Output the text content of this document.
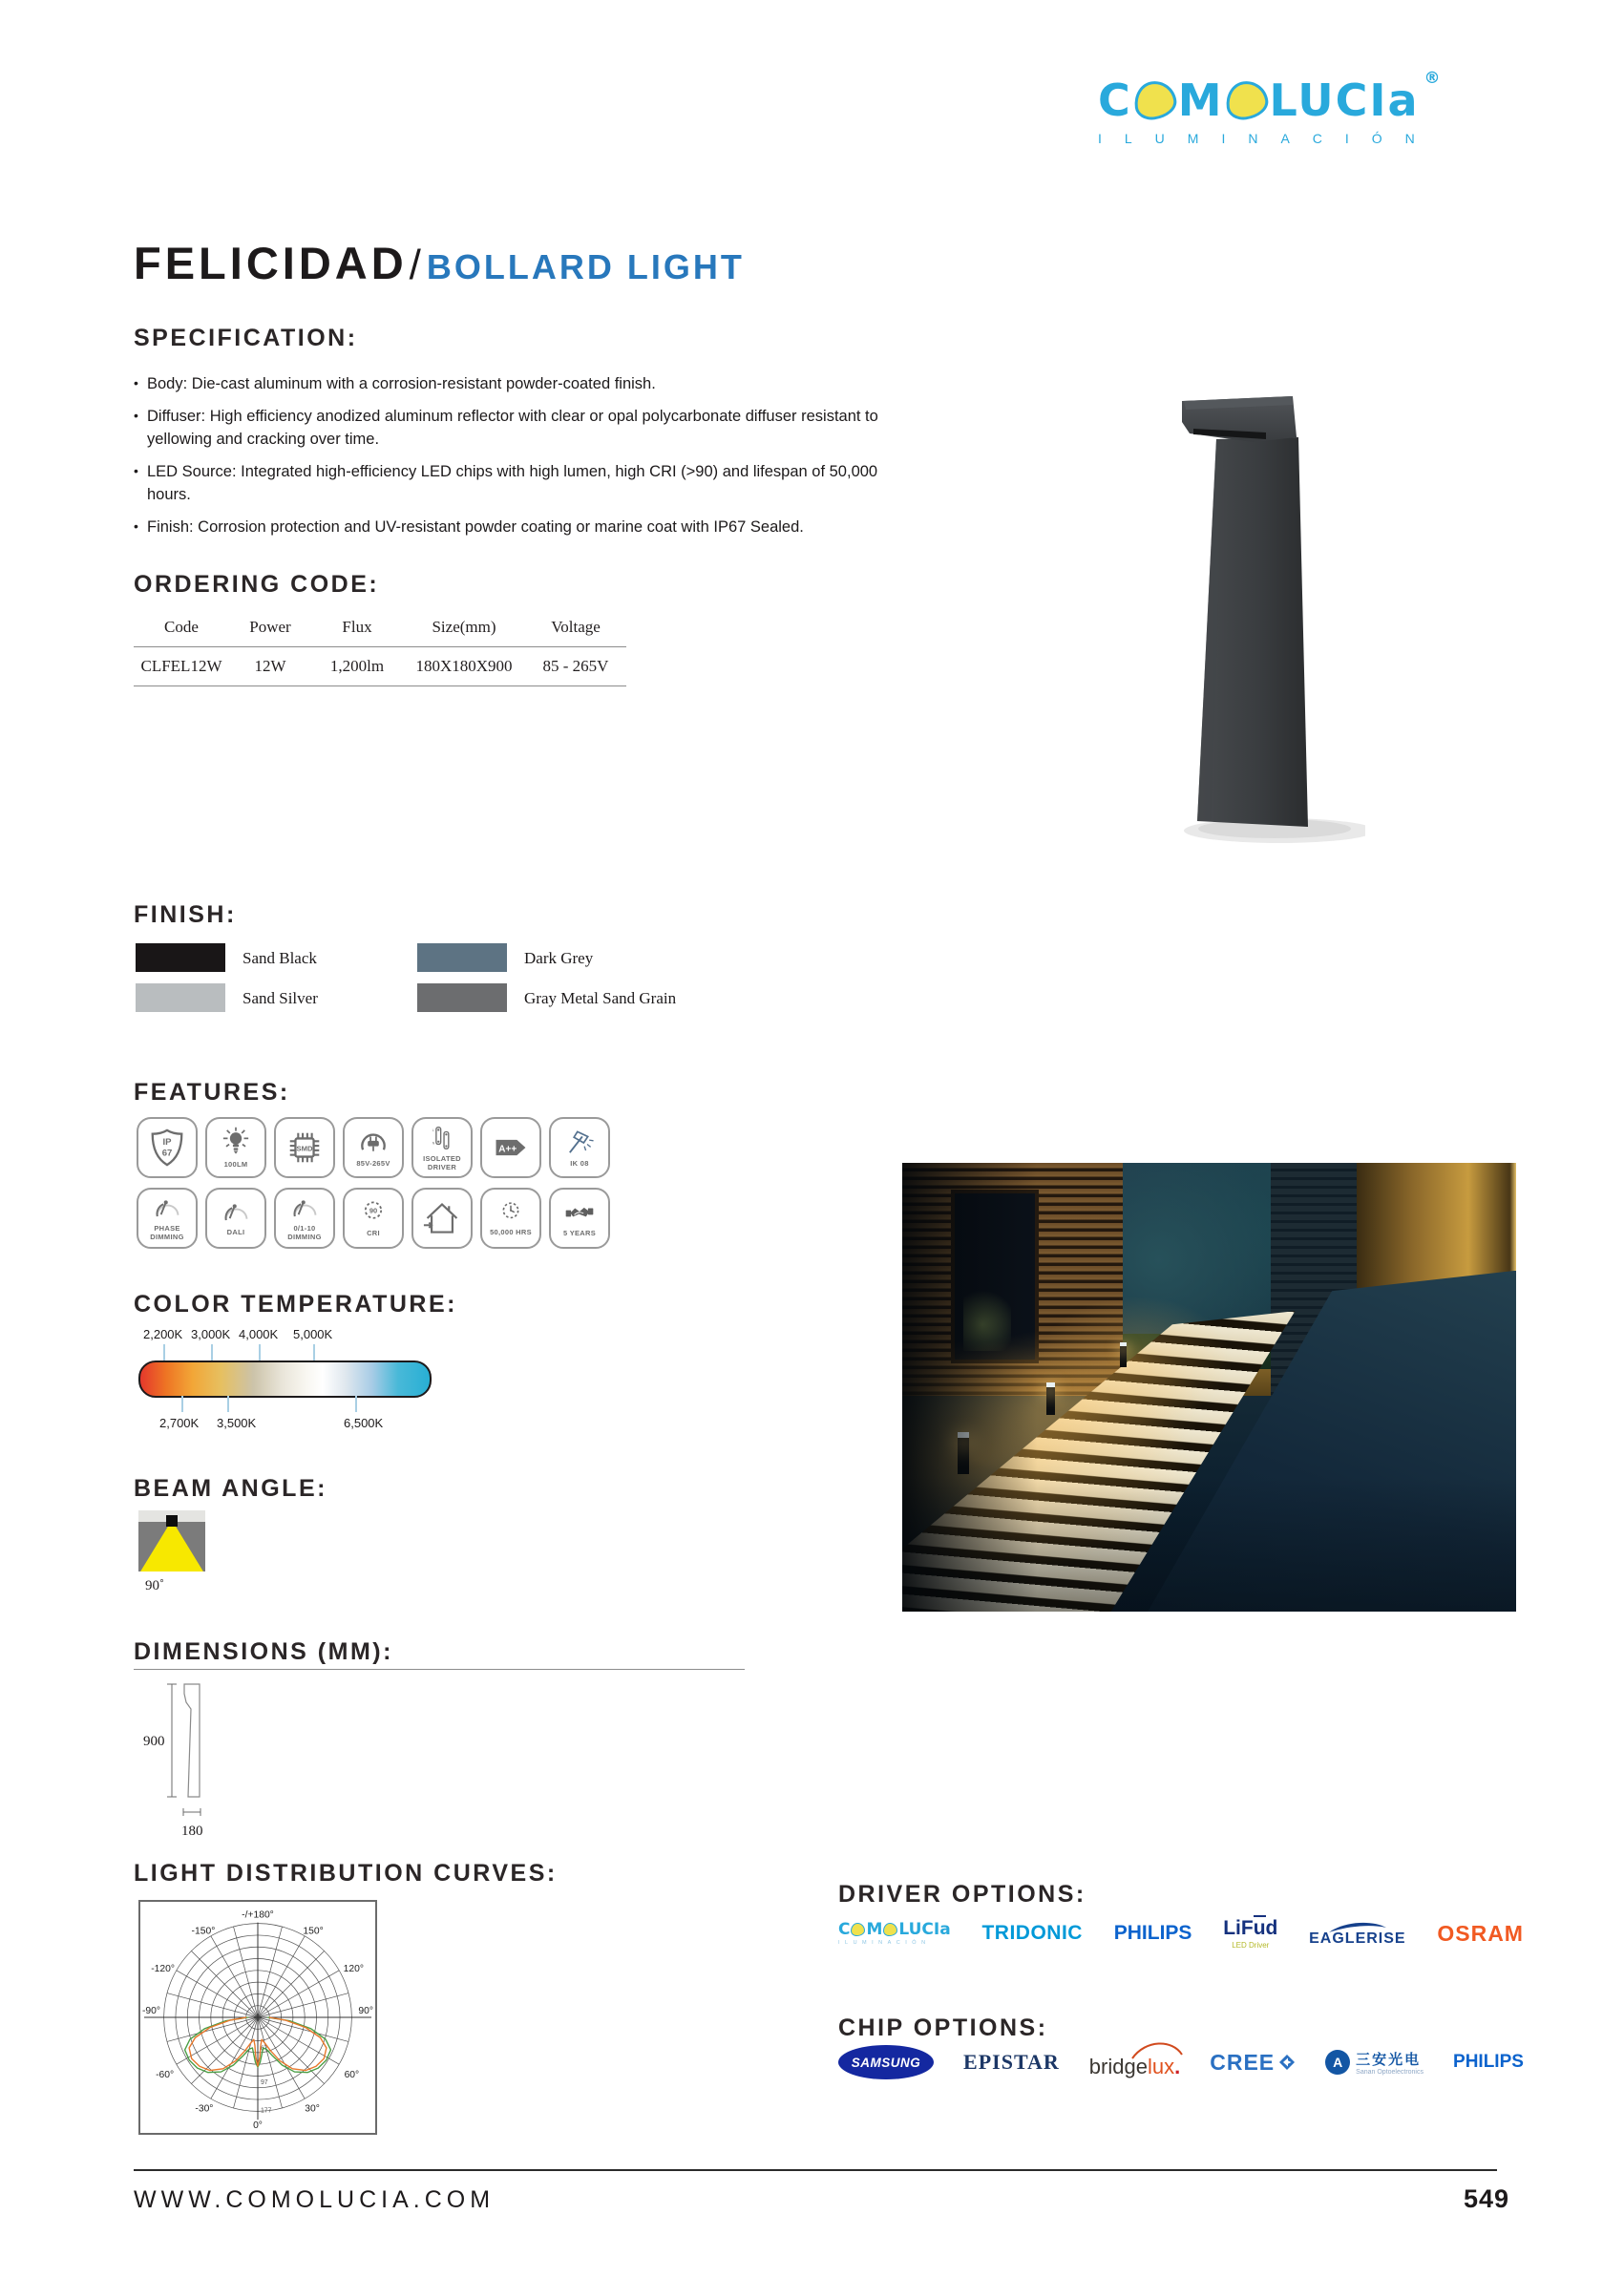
C M LUCIa ®
ILUMINACIÓN
FELICIDAD / BOLLARD LIGHT
SPECIFICATION:
• Body: Die-cast aluminum with a corrosion-resistant powder-coated finish.
• Diffuser: High efficiency anodized aluminum reflector with clear or opal polycarbonate diffuser resistant to yellowing and cracking over time.
• LED Source: Integrated high-efficiency LED chips with high lumen, high CRI (>90) and lifespan of 50,000 hours.
• Finish: Corrosion protection and UV-resistant powder coating or marine coat with IP67 Sealed.
ORDERING CODE:
Code	Power	Flux	Size(mm)	Voltage
CLFEL12W	12W	1,200lm	180X180X900	85 - 265V
FINISH:
Sand Black
Sand Silver
Dark Grey
Gray Metal Sand Grain
FEATURES:
IP
67
100LM
SMD
85V-265V
L
N
ISOLATED DRIVER
A++
IK 08
PHASE DIMMING	DALI	0/1-10 DIMMING
90
CRI	50,000 HRS	5 YEARS
COLOR TEMPERATURE:
2,200K 3,000K 4,000K 5,000K
2,700K 3,500K	6,500K
BEAM ANGLE:
90˚
DIMENSIONS (MM):
900
180
LIGHT DISTRIBUTION CURVES:
-/+180°
-150°	150°
-120°	120°
-90°	90°
-60°	60°
-30°	30°
0°
67
97
177
DRIVER OPTIONS:
C M LUCIa
ILUMINACIÓN	TRIDONIC PHILIPS LiFud
LED Driver	EAGLERISE OSRAM
CHIP OPTIONS:
SAMSUNG EPISTAR bridgelux. CREE	A 三安光电
Sanan Optoelectronics
PHILIPS
WWW.COMOLUCIA.COM	549
